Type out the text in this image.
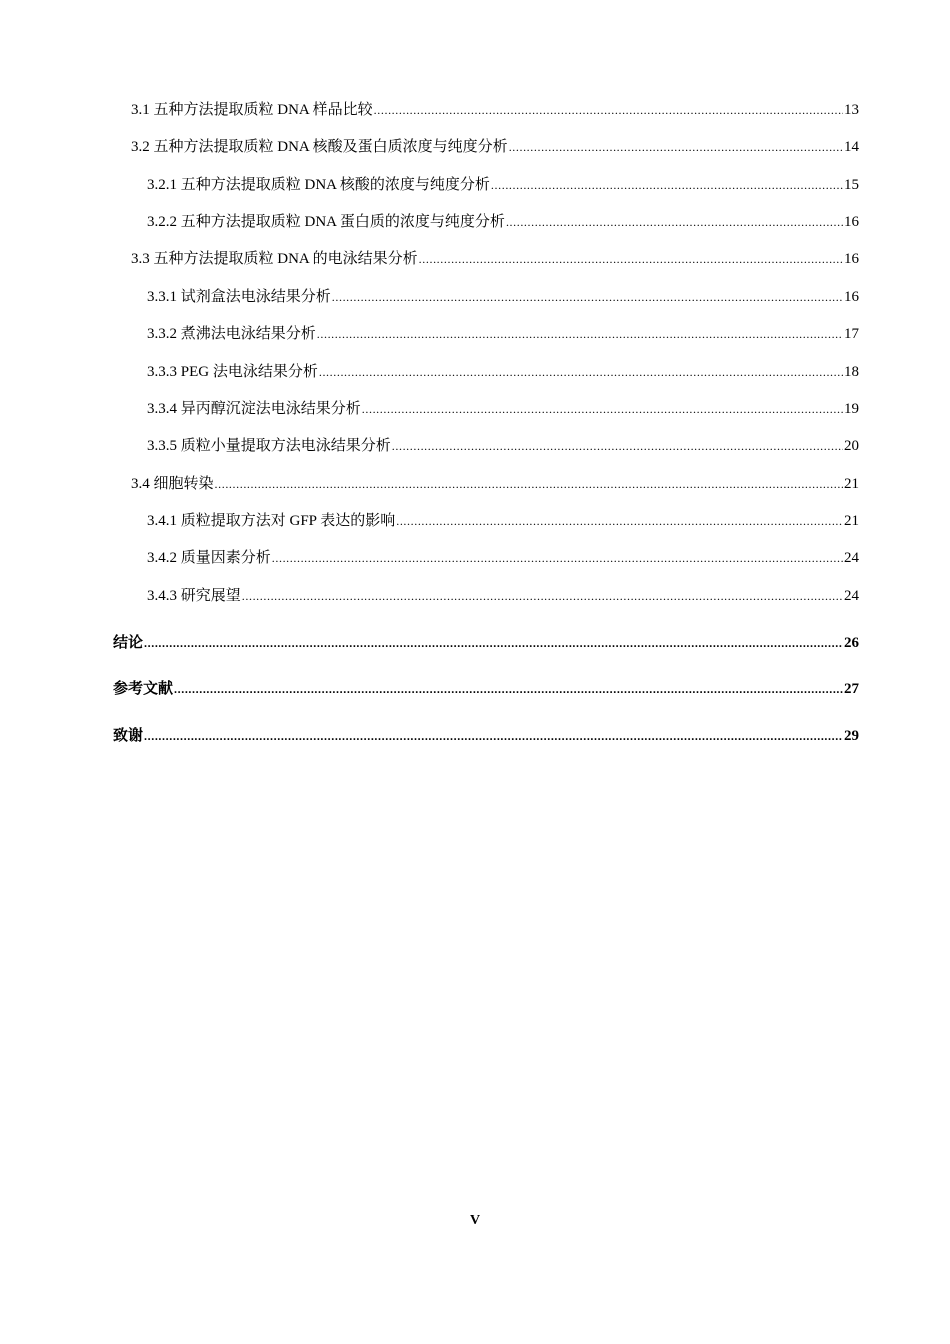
3.1 五种方法提取质粒 DNA 样品比较 .....	13
3.2 五种方法提取质粒 DNA 核酸及蛋白质浓度与纯度分析 .....	14
3.2.1 五种方法提取质粒 DNA 核酸的浓度与纯度分析 .....	15
3.2.2 五种方法提取质粒 DNA 蛋白质的浓度与纯度分析 .....	16
3.3 五种方法提取质粒 DNA 的电泳结果分析 .....	16
3.3.1 试剂盒法电泳结果分析 .....	16
3.3.2 煮沸法电泳结果分析 .....	17
3.3.3 PEG 法电泳结果分析 .....	18
3.3.4 异丙醇沉淀法电泳结果分析 .....	19
3.3.5 质粒小量提取方法电泳结果分析 .....	20
3.4 细胞转染 .....	21
3.4.1 质粒提取方法对 GFP 表达的影响 .....	21
3.4.2 质量因素分析 .....	24
3.4.3 研究展望 .....	24
结论 .....	26
参考文献 .....	27
致谢 .....	29
V
